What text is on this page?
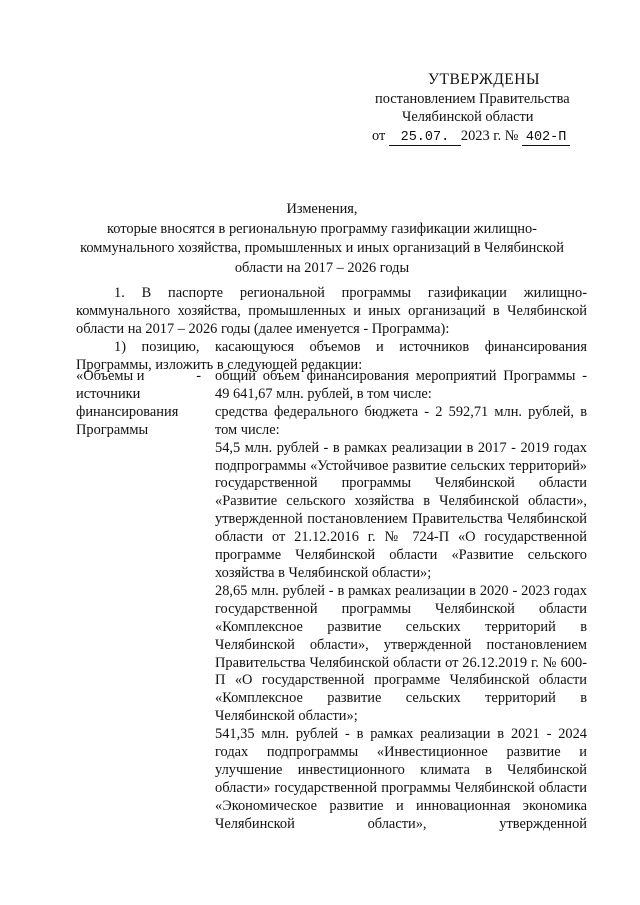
УТВЕРЖДЕНЫ
постановлением Правительства
Челябинской области
от 25.07. 2023 г. № 402-П
Изменения,
которые вносятся в региональную программу газификации жилищно-
коммунального хозяйства, промышленных и иных организаций в Челябинской
области на 2017 – 2026 годы

1. В паспорте региональной программы газификации жилищно-коммунального хозяйства, промышленных и иных организаций в Челябинской области на 2017 – 2026 годы (далее именуется - Программа):

1) позицию, касающуюся объемов и источников финансирования Программы, изложить в следующей редакции:

«Объемы и	-
источники
финансирования
Программы

общий объем финансирования мероприятий Программы - 49 641,67 млн. рублей, в том числе:

средства федерального бюджета - 2 592,71 млн. рублей, в том числе:

54,5 млн. рублей - в рамках реализации в 2017 - 2019 годах подпрограммы «Устойчивое развитие сельских территорий» государственной программы Челябинской области «Развитие сельского хозяйства в Челябинской области», утвержденной постановлением Правительства Челябинской области от 21.12.2016 г. № 724-П «О государственной программе Челябинской области «Развитие сельского хозяйства в Челябинской области»;

28,65 млн. рублей - в рамках реализации в 2020 - 2023 годах государственной программы Челябинской области «Комплексное развитие сельских территорий в Челябинской области», утвержденной постановлением Правительства Челябинской области от 26.12.2019 г. № 600-П «О государственной программе Челябинской области «Комплексное развитие сельских территорий в Челябинской области»;

541,35 млн. рублей - в рамках реализации в 2021 - 2024 годах подпрограммы «Инвестиционное развитие и улучшение инвестиционного климата в Челябинской области» государственной программы Челябинской области «Экономическое развитие и инновационная экономика Челябинской области», утвержденной
